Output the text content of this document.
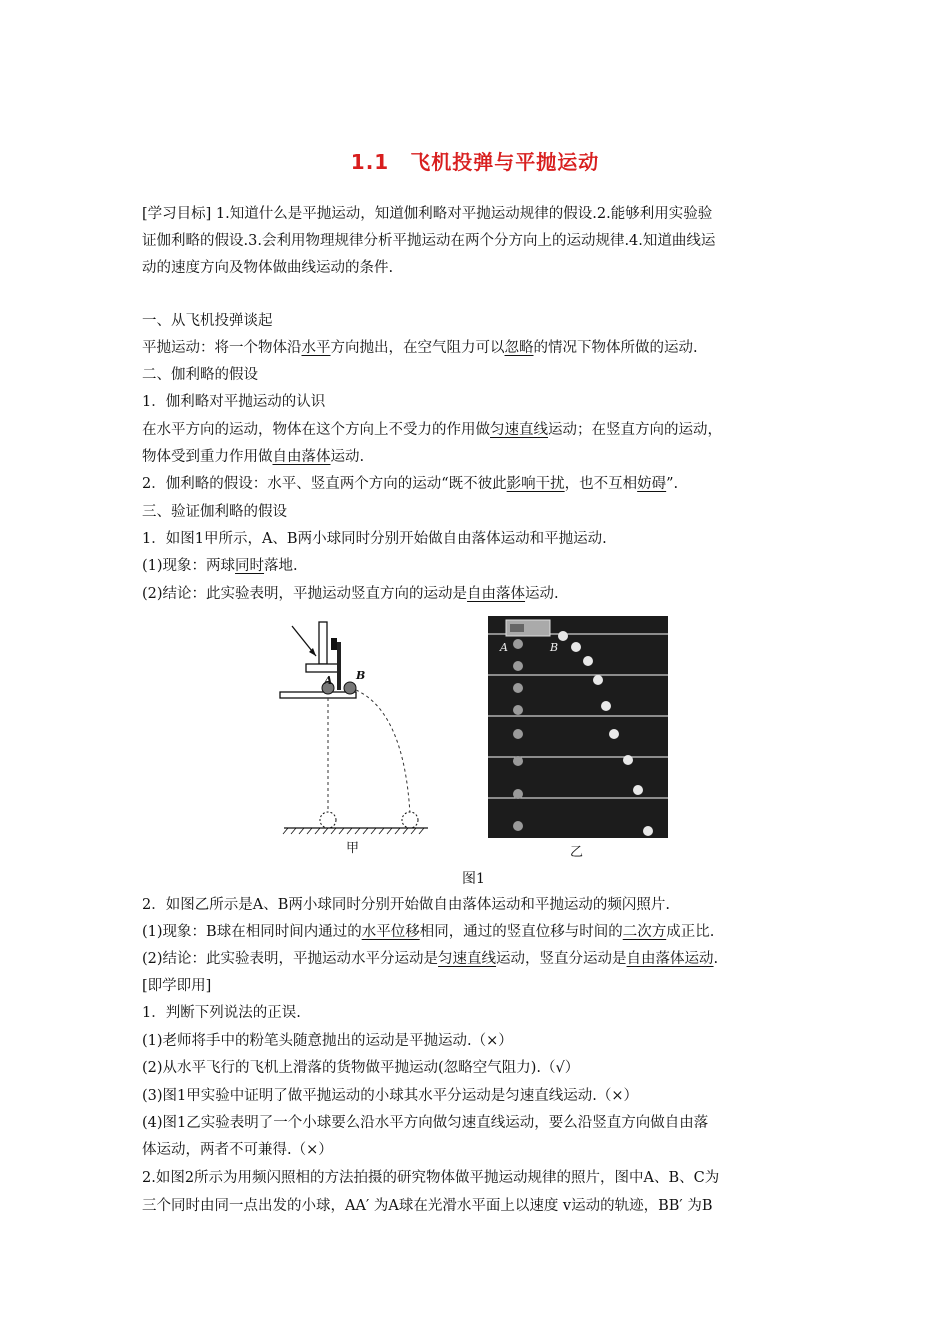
1.1　飞机投弹与平抛运动
[学习目标] 1.知道什么是平抛运动，知道伽利略对平抛运动规律的假设.2.能够利用实验验
证伽利略的假设.3.会利用物理规律分析平抛运动在两个分方向上的运动规律.4.知道曲线运
动的速度方向及物体做曲线运动的条件.
一、从飞机投弹谈起
平抛运动：将一个物体沿水平方向抛出，在空气阻力可以忽略的情况下物体所做的运动.
二、伽利略的假设
1．伽利略对平抛运动的认识
在水平方向的运动，物体在这个方向上不受力的作用做匀速直线运动；在竖直方向的运动，
物体受到重力作用做自由落体运动.
2．伽利略的假设：水平、竖直两个方向的运动“既不彼此影响干扰，也不互相妨碍”.
三、验证伽利略的假设
1．如图1甲所示，A、B两小球同时分别开始做自由落体运动和平抛运动.
(1)现象：两球同时落地.
(2)结论：此实验表明，平抛运动竖直方向的运动是自由落体运动.
A B
甲
A	B
乙
图1
2．如图乙所示是A、B两小球同时分别开始做自由落体运动和平抛运动的频闪照片.
(1)现象：B球在相同时间内通过的水平位移相同，通过的竖直位移与时间的二次方成正比.
(2)结论：此实验表明，平抛运动水平分运动是匀速直线运动，竖直分运动是自由落体运动.
[即学即用]
1．判断下列说法的正误.
(1)老师将手中的粉笔头随意抛出的运动是平抛运动.（×）
(2)从水平飞行的飞机上滑落的货物做平抛运动(忽略空气阻力).（√）
(3)图1甲实验中证明了做平抛运动的小球其水平分运动是匀速直线运动.（×）
(4)图1乙实验表明了一个小球要么沿水平方向做匀速直线运动，要么沿竖直方向做自由落
体运动，两者不可兼得.（×）
2.如图2所示为用频闪照相的方法拍摄的研究物体做平抛运动规律的照片，图中A、B、C为
三个同时由同一点出发的小球，AA′ 为A球在光滑水平面上以速度 v运动的轨迹，BB′ 为B
